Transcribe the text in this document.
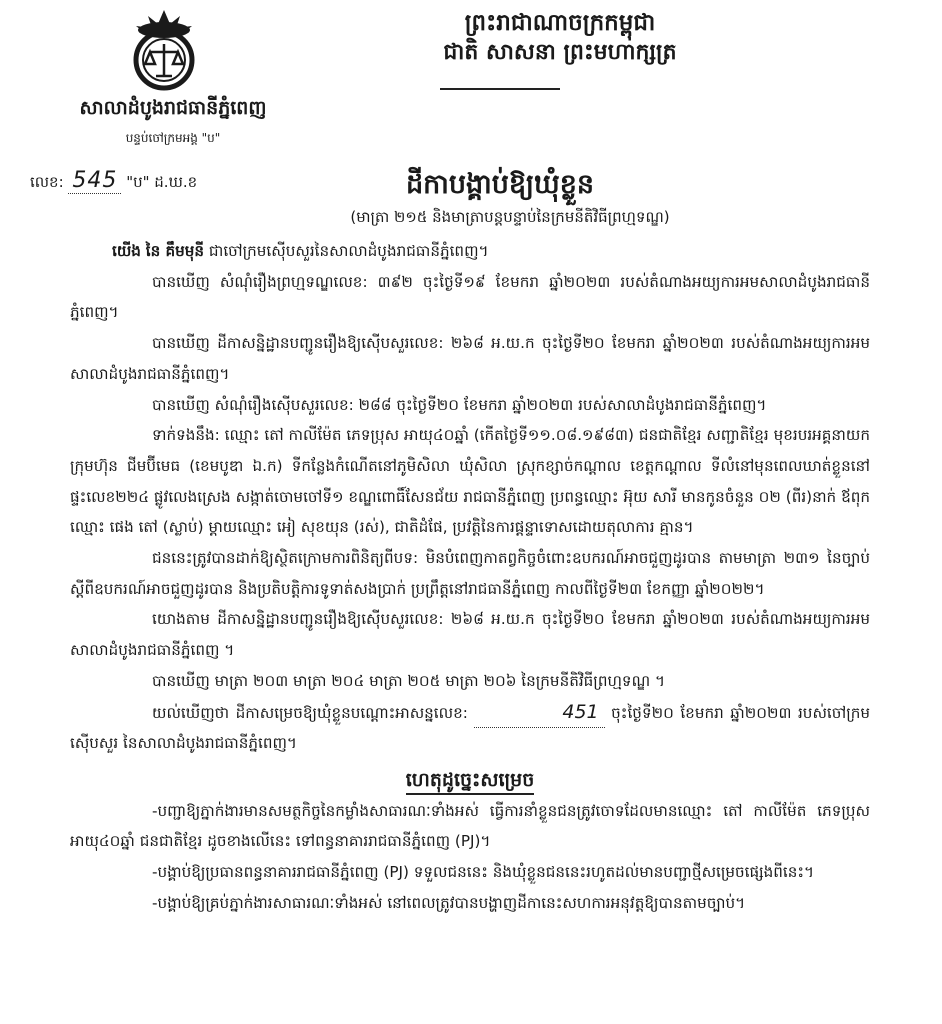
ព្រះរាជាណាចក្រកម្ពុជា
ជាតិ សាសនា ព្រះមហាក្សត្រ
សាលាដំបូងរាជធានីភ្នំពេញ
បន្ទប់ចៅក្រមអង្គ "ប"
លេខ: 545 "ប" ដ.ឃ.ខ	ដីកាបង្គាប់ឱ្យឃុំខ្លួន
(មាត្រា ២១៥ និងមាត្រាបន្តបន្ទាប់នៃក្រមនីតិវិធីព្រហ្មទណ្ឌ)

យើង នៃ គឹមមុនី ជាចៅក្រមស៊ើបសួរនៃសាលាដំបូងរាជធានីភ្នំពេញ។

បានឃើញ សំណុំរឿងព្រហ្មទណ្ឌលេខ: ៣៩២ ចុះថ្ងៃទី១៩ ខែមករា ឆ្នាំ២០២៣ របស់តំណាងអយ្យការអមសាលាដំបូងរាជធានីភ្នំពេញ។

បានឃើញ ដីកាសន្និដ្ឋានបញ្ជូនរឿងឱ្យស៊ើបសួរលេខ: ២៦៨ អ.យ.ក ចុះថ្ងៃទី២០ ខែមករា ឆ្នាំ២០២៣ របស់តំណាងអយ្យការអមសាលាដំបូងរាជធានីភ្នំពេញ។

បានឃើញ សំណុំរឿងស៊ើបសួរលេខ: ២៨៨ ចុះថ្ងៃទី២០ ខែមករា ឆ្នាំ២០២៣ របស់សាលាដំបូងរាជធានីភ្នំពេញ។

ទាក់ទងនឹង: ឈ្មោះ តៅ កាលីម៉ែត ភេទប្រុស អាយុ៤០ឆ្នាំ (កើតថ្ងៃទី១១.០៨.១៩៨៣) ជនជាតិខ្មែរ សញ្ជាតិខ្មែរ មុខរបរអគ្គនាយក ក្រុមហ៊ុន ជីមប៊ីមេធ (ខេមបូឌា ឯ.ក) ទីកន្លែងកំណើតនៅភូមិសិលា ឃុំសិលា ស្រុកខ្សាច់កណ្ដាល ខេត្តកណ្ដាល ទីលំនៅមុនពេលឃាត់ខ្លួននៅផ្ទះលេខ២២៤ ផ្លូវលេងស្រេង សង្កាត់ចោមចៅទី១ ខណ្ឌពោធិ៍សែនជ័យ រាជធានីភ្នំពេញ ប្រពន្ធឈ្មោះ អ៊ុយ សារី មានកូនចំនួន ០២ (ពីរ)នាក់ ឪពុកឈ្មោះ ផេង តៅ (ស្លាប់) ម្ដាយឈ្មោះ អៀ សុខយុន (រស់), ជាតិដំផែ, ប្រវត្តិនៃការផ្តន្ទាទោសដោយតុលាការ គ្មាន។

ជននេះត្រូវបានដាក់ឱ្យស្ថិតក្រោមការពិនិត្យពីបទ: មិនបំពេញកាតព្វកិច្ចចំពោះឧបករណ៍អាចជួញដូរបាន តាមមាត្រា ២៣១ នៃច្បាប់ស្តីពីឧបករណ៍អាចជួញដូរបាន និងប្រតិបត្តិការទូទាត់សងប្រាក់ ប្រព្រឹត្តនៅរាជធានីភ្នំពេញ កាលពីថ្ងៃទី២៣ ខែកញ្ញា ឆ្នាំ២០២២។

យោងតាម ដីកាសន្និដ្ឋានបញ្ជូនរឿងឱ្យស៊ើបសួរលេខ: ២៦៨ អ.យ.ក ចុះថ្ងៃទី២០ ខែមករា ឆ្នាំ២០២៣ របស់តំណាងអយ្យការអមសាលាដំបូងរាជធានីភ្នំពេញ ។

បានឃើញ មាត្រា ២០៣ មាត្រា ២០៤ មាត្រា ២០៥ មាត្រា ២០៦ នៃក្រមនីតិវិធីព្រហ្មទណ្ឌ ។

យល់ឃើញថា ដីកាសម្រេចឱ្យឃុំខ្លួនបណ្តោះអាសន្នលេខ:	451 ចុះថ្ងៃទី២០ ខែមករា ឆ្នាំ២០២៣ របស់ចៅក្រមស៊ើបសួរ នៃសាលាដំបូងរាជធានីភ្នំពេញ។

ហេតុដូច្នេះសម្រេច

-បញ្ជាឱ្យភ្នាក់ងារមានសមត្ថកិច្ចនៃកម្លាំងសាធារណៈទាំងអស់ ធ្វើការនាំខ្លួនជនត្រូវចោទដែលមានឈ្មោះ តៅ កាលីម៉ែត ភេទប្រុស អាយុ៤០ឆ្នាំ ជនជាតិខ្មែរ ដូចខាងលើនេះ ទៅពន្ធនាគាររាជធានីភ្នំពេញ (PJ)។

-បង្គាប់ឱ្យប្រធានពន្ធនាគាររាជធានីភ្នំពេញ (PJ) ទទួលជននេះ និងឃុំខ្លួនជននេះរហូតដល់មានបញ្ជាថ្មីសម្រេចផ្សេងពីនេះ។

-បង្គាប់ឱ្យគ្រប់ភ្នាក់ងារសាធារណៈទាំងអស់ នៅពេលត្រូវបានបង្ហាញដីកានេះសហការអនុវត្តឱ្យបានតាមច្បាប់។
